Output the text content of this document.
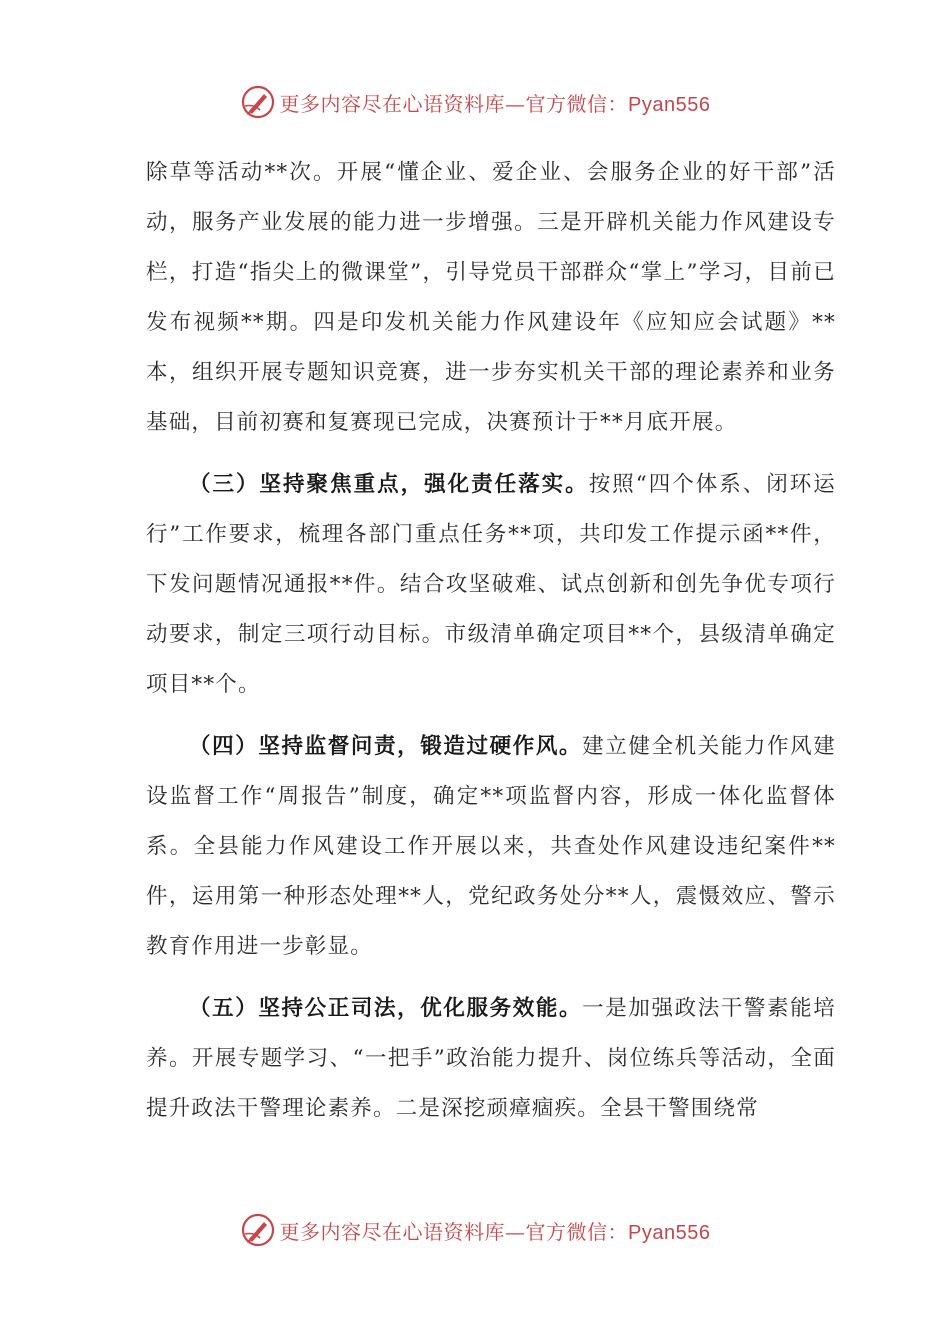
更多内容尽在心语资料库—官方微信：Pyan556

除草等活动**次。开展“懂企业、爱企业、会服务企业的好干部”活动，服务产业发展的能力进一步增强。三是开辟机关能力作风建设专栏，打造“指尖上的微课堂”，引导党员干部群众“掌上”学习，目前已发布视频**期。四是印发机关能力作风建设年《应知应会试题》**本，组织开展专题知识竞赛，进一步夯实机关干部的理论素养和业务基础，目前初赛和复赛现已完成，决赛预计于**月底开展。

（三）坚持聚焦重点，强化责任落实。按照“四个体系、闭环运行”工作要求，梳理各部门重点任务**项，共印发工作提示函**件，下发问题情况通报**件。结合攻坚破难、试点创新和创先争优专项行动要求，制定三项行动目标。市级清单确定项目**个，县级清单确定项目**个。

（四）坚持监督问责，锻造过硬作风。建立健全机关能力作风建设监督工作“周报告”制度，确定**项监督内容，形成一体化监督体系。全县能力作风建设工作开展以来，共查处作风建设违纪案件**件，运用第一种形态处理**人，党纪政务处分**人，震慑效应、警示教育作用进一步彰显。

（五）坚持公正司法，优化服务效能。一是加强政法干警素能培养。开展专题学习、“一把手”政治能力提升、岗位练兵等活动，全面提升政法干警理论素养。二是深挖顽瘴痼疾。全县干警围绕常

更多内容尽在心语资料库—官方微信：Pyan556
